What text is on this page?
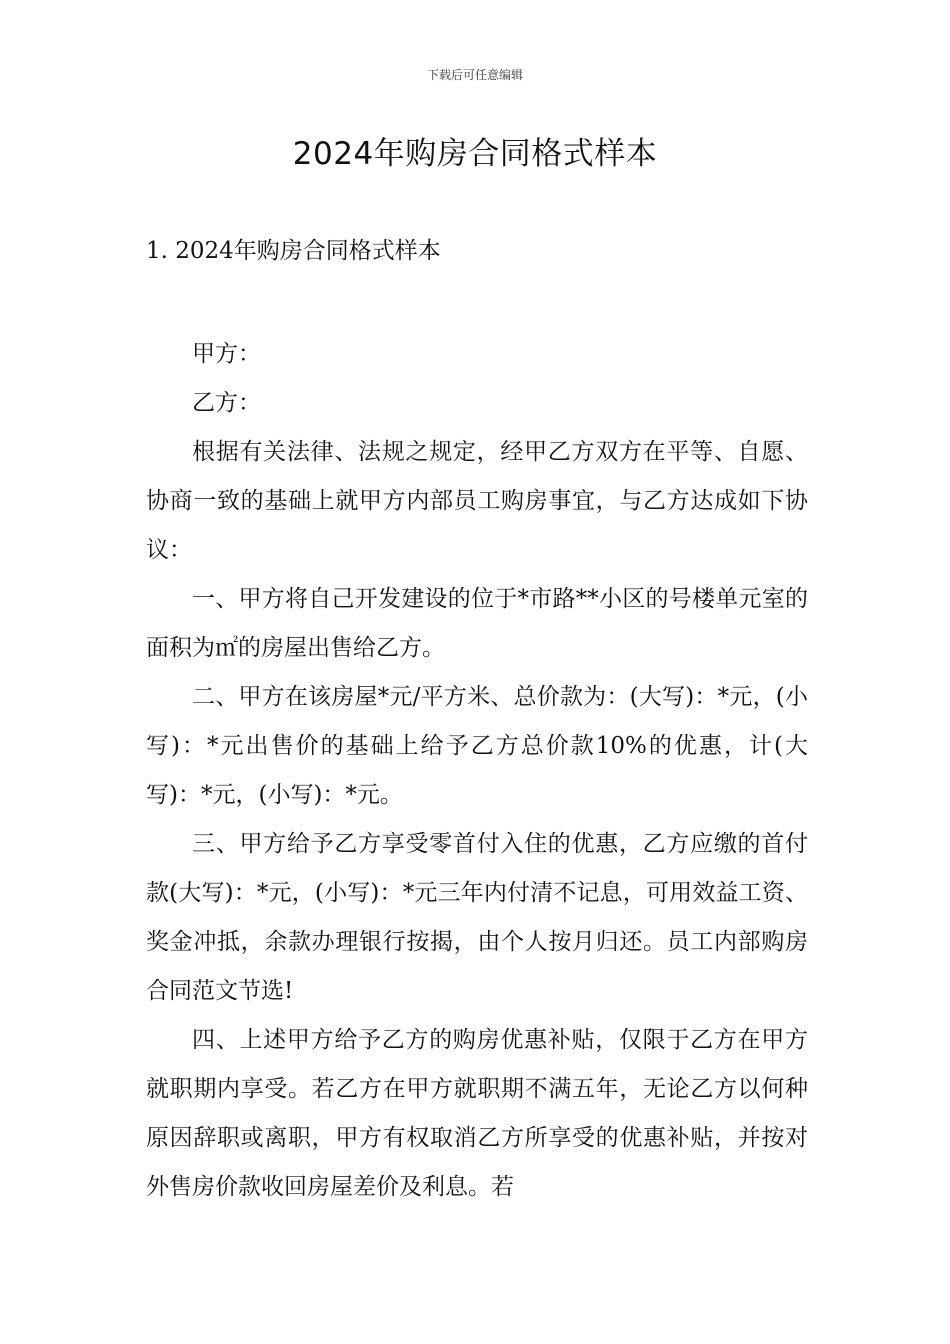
下载后可任意编辑
2024年购房合同格式样本
1. 2024年购房合同格式样本

甲方：

乙方：

根据有关法律、法规之规定，经甲乙方双方在平等、自愿、协商一致的基础上就甲方内部员工购房事宜，与乙方达成如下协议：

一、甲方将自己开发建设的位于*市路**小区的号楼单元室的面积为㎡的房屋出售给乙方。

二、甲方在该房屋*元/平方米、总价款为：(大写)：*元，(小写)：*元出售价的基础上给予乙方总价款10%的优惠，计(大写)：*元，(小写)：*元。

三、甲方给予乙方享受零首付入住的优惠，乙方应缴的首付款(大写)：*元，(小写)：*元三年内付清不记息，可用效益工资、奖金冲抵，余款办理银行按揭，由个人按月归还。员工内部购房合同范文节选!

四、上述甲方给予乙方的购房优惠补贴，仅限于乙方在甲方就职期内享受。若乙方在甲方就职期不满五年，无论乙方以何种原因辞职或离职，甲方有权取消乙方所享受的优惠补贴，并按对外售房价款收回房屋差价及利息。若
